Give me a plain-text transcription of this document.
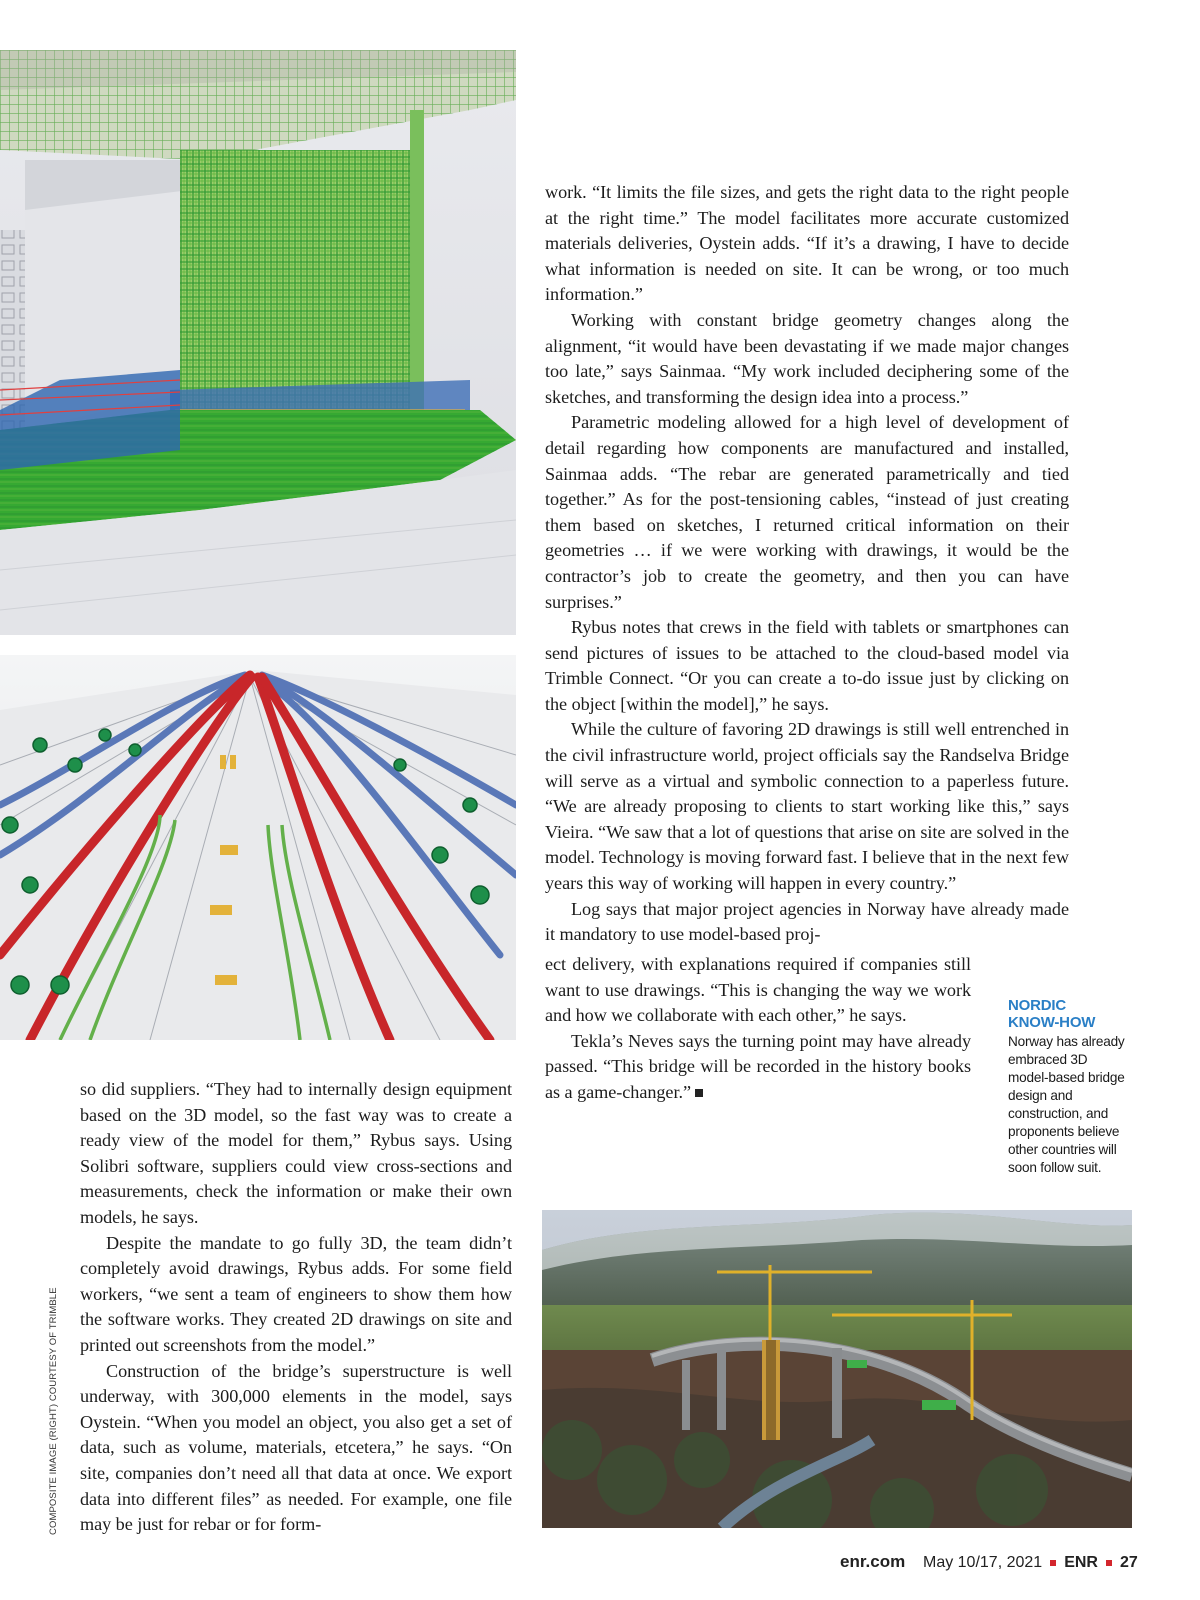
work. “It limits the file sizes, and gets the right data to the right people at the right time.” The model facilitates more accurate customized materials deliveries, Oystein adds. “If it’s a drawing, I have to decide what information is needed on site. It can be wrong, or too much information.”

Working with constant bridge geometry changes along the alignment, “it would have been devastating if we made major changes too late,” says Sainmaa. “My work included deciphering some of the sketches, and transforming the design idea into a process.”

Parametric modeling allowed for a high level of development of detail regarding how components are manufactured and installed, Sainmaa adds. “The rebar are generated parametrically and tied together.” As for the post-tensioning cables, “instead of just creating them based on sketches, I returned critical information on their geometries … if we were working with drawings, it would be the contractor’s job to create the geometry, and then you can have surprises.”

Rybus notes that crews in the field with tablets or smartphones can send pictures of issues to be attached to the cloud-based model via Trimble Connect. “Or you can create a to-do issue just by clicking on the object [within the model],” he says.

While the culture of favoring 2D drawings is still well entrenched in the civil infrastructure world, project officials say the Randselva Bridge will serve as a virtual and symbolic connection to a paperless future. “We are already proposing to clients to start working like this,” says Vieira. “We saw that a lot of questions that arise on site are solved in the model. Technology is moving forward fast. I believe that in the next few years this way of working will happen in every country.”

Log says that major project agencies in Norway have already made it mandatory to use model-based proj-

ect delivery, with explanations required if companies still want to use drawings. “This is changing the way we work and how we collaborate with each other,” he says.

Tekla’s Neves says the turning point may have already passed. “This bridge will be recorded in the history books as a game-changer.”

NORDIC
KNOW-HOW
Norway has already embraced 3D model-based bridge design and construction, and proponents believe other countries will soon follow suit.

so did suppliers. “They had to internally design equipment based on the 3D model, so the fast way was to create a ready view of the model for them,” Rybus says. Using Solibri software, suppliers could view cross-sections and measurements, check the information or make their own models, he says.

Despite the mandate to go fully 3D, the team didn’t completely avoid drawings, Rybus adds. For some field workers, “we sent a team of engineers to show them how the software works. They created 2D drawings on site and printed out screenshots from the model.”

Construction of the bridge’s superstructure is well underway, with 300,000 elements in the model, says Oystein. “When you model an object, you also get a set of data, such as volume, materials, etcetera,” he says. “On site, companies don’t need all that data at once. We export data into different files” as needed. For example, one file may be just for rebar or for form-

COMPOSITE IMAGE (RIGHT) COURTESY OF TRIMBLE
enr.com May 10/17, 2021 ENR 27
